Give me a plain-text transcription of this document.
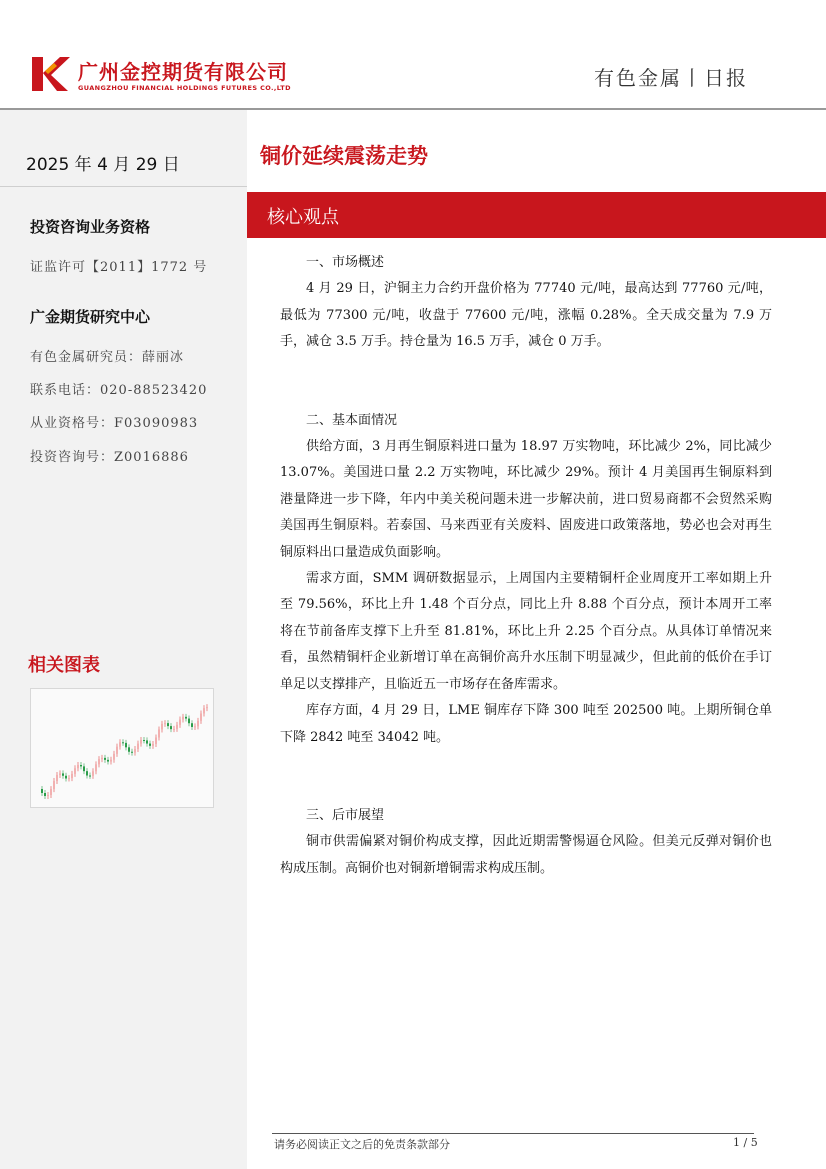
广州金控期货有限公司
GUANGZHOU FINANCIAL HOLDINGS FUTURES CO.,LTD	有色金属丨日报
2025 年 4 月 29 日
投资咨询业务资格
证监许可【2011】1772 号
广金期货研究中心
有色金属研究员：薛丽冰
联系电话：020-88523420
从业资格号：F03090983
投资咨询号：Z0016886
相关图表
铜价延续震荡走势
核心观点
一、市场概述

4 月 29 日，沪铜主力合约开盘价格为 77740 元/吨，最高达到 77760 元/吨，最低为 77300 元/吨，收盘于 77600 元/吨，涨幅 0.28%。全天成交量为 7.9 万手，减仓 3.5 万手。持仓量为 16.5 万手，减仓 0 万手。

二、基本面情况

供给方面，3 月再生铜原料进口量为 18.97 万实物吨，环比减少 2%，同比减少 13.07%。美国进口量 2.2 万实物吨，环比减少 29%。预计 4 月美国再生铜原料到港量降进一步下降，年内中美关税问题未进一步解决前，进口贸易商都不会贸然采购美国再生铜原料。若泰国、马来西亚有关废料、固废进口政策落地，势必也会对再生铜原料出口量造成负面影响。

需求方面，SMM 调研数据显示，上周国内主要精铜杆企业周度开工率如期上升至 79.56%，环比上升 1.48 个百分点，同比上升 8.88 个百分点，预计本周开工率将在节前备库支撑下上升至 81.81%，环比上升 2.25 个百分点。从具体订单情况来看，虽然精铜杆企业新增订单在高铜价高升水压制下明显减少，但此前的低价在手订单足以支撑排产，且临近五一市场存在备库需求。

库存方面，4 月 29 日，LME 铜库存下降 300 吨至 202500 吨。上期所铜仓单下降 2842 吨至 34042 吨。

三、后市展望

铜市供需偏紧对铜价构成支撑，因此近期需警惕逼仓风险。但美元反弹对铜价也构成压制。高铜价也对铜新增铜需求构成压制。

请务必阅读正文之后的免责条款部分	1 / 5
